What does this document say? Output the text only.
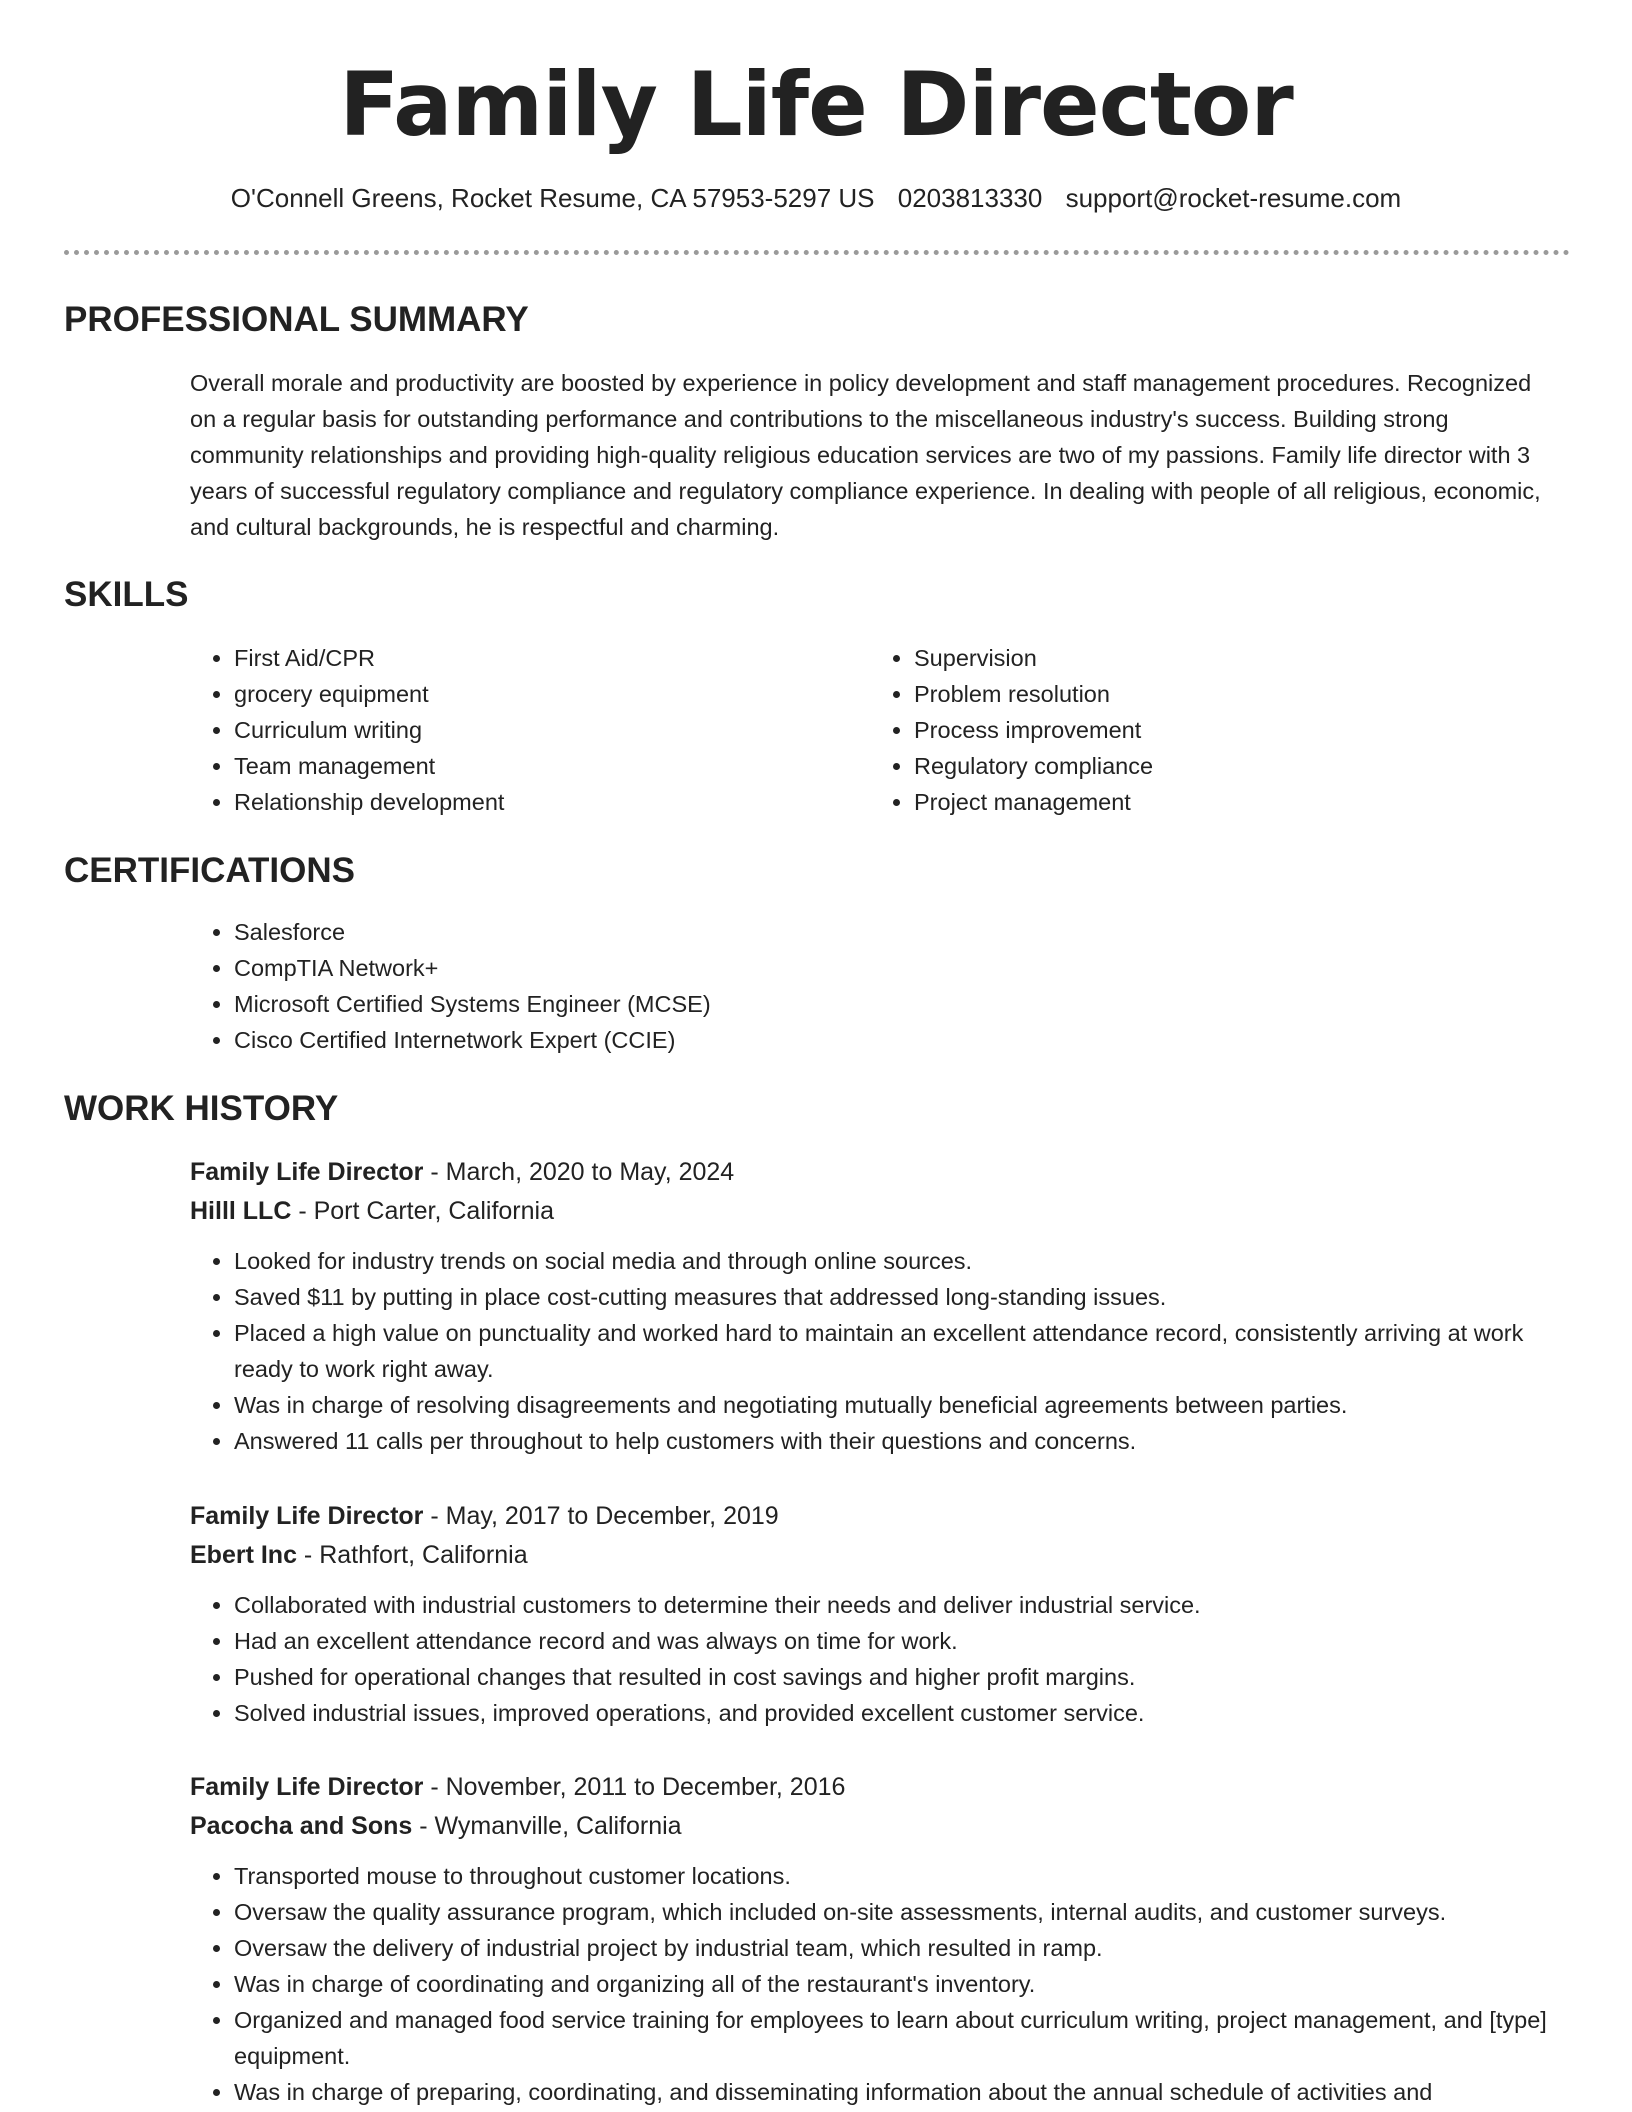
Family Life Director
O'Connell Greens, Rocket Resume, CA 57953-5297 US 0203813330 support@rocket-resume.com
PROFESSIONAL SUMMARY

Overall morale and productivity are boosted by experience in policy development and staff management procedures. Recognized on a regular basis for outstanding performance and contributions to the miscellaneous industry's success. Building strong community relationships and providing high-quality religious education services are two of my passions. Family life director with 3 years of successful regulatory compliance and regulatory compliance experience. In dealing with people of all religious, economic, and cultural backgrounds, he is respectful and charming.

SKILLS
• First Aid/CPR
• grocery equipment
• Curriculum writing
• Team management
• Relationship development
• Supervision
• Problem resolution
• Process improvement
• Regulatory compliance
• Project management
CERTIFICATIONS
• Salesforce
• CompTIA Network+
• Microsoft Certified Systems Engineer (MCSE)
• Cisco Certified Internetwork Expert (CCIE)
WORK HISTORY
Family Life Director - March, 2020 to May, 2024
Hilll LLC - Port Carter, California
• Looked for industry trends on social media and through online sources.
• Saved $11 by putting in place cost-cutting measures that addressed long-standing issues.
• Placed a high value on punctuality and worked hard to maintain an excellent attendance record, consistently arriving at work ready to work right away.
• Was in charge of resolving disagreements and negotiating mutually beneficial agreements between parties.
• Answered 11 calls per throughout to help customers with their questions and concerns.
Family Life Director - May, 2017 to December, 2019
Ebert Inc - Rathfort, California
• Collaborated with industrial customers to determine their needs and deliver industrial service.
• Had an excellent attendance record and was always on time for work.
• Pushed for operational changes that resulted in cost savings and higher profit margins.
• Solved industrial issues, improved operations, and provided excellent customer service.
Family Life Director - November, 2011 to December, 2016
Pacocha and Sons - Wymanville, California
• Transported mouse to throughout customer locations.
• Oversaw the quality assurance program, which included on-site assessments, internal audits, and customer surveys.
• Oversaw the delivery of industrial project by industrial team, which resulted in ramp.
• Was in charge of coordinating and organizing all of the restaurant's inventory.
• Organized and managed food service training for employees to learn about curriculum writing, project management, and [type] equipment.
• Was in charge of preparing, coordinating, and disseminating information about the annual schedule of activities and
